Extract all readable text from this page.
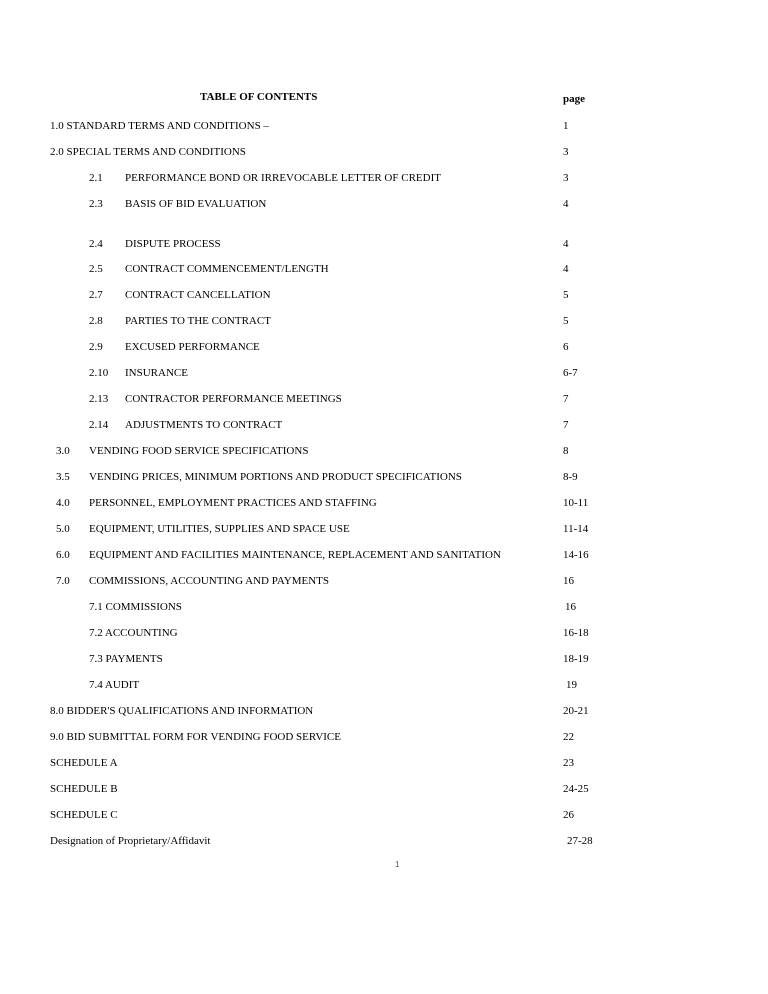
TABLE OF CONTENTS	page
1.0 STANDARD TERMS AND CONDITIONS –	1
2.0 SPECIAL TERMS AND CONDITIONS	3
2.1 PERFORMANCE BOND OR IRREVOCABLE LETTER OF CREDIT	3
2.3 BASIS OF BID EVALUATION	4
2.4 DISPUTE PROCESS	4
2.5 CONTRACT COMMENCEMENT/LENGTH	4
2.7 CONTRACT CANCELLATION	5
2.8 PARTIES TO THE CONTRACT	5
2.9 EXCUSED PERFORMANCE	6
2.10 INSURANCE	6-7
2.13 CONTRACTOR PERFORMANCE MEETINGS	7
2.14 ADJUSTMENTS TO CONTRACT	7
3.0 VENDING FOOD SERVICE SPECIFICATIONS	8
3.5 VENDING PRICES, MINIMUM PORTIONS AND PRODUCT SPECIFICATIONS	8-9
4.0 PERSONNEL, EMPLOYMENT PRACTICES AND STAFFING	10-11
5.0 EQUIPMENT, UTILITIES, SUPPLIES AND SPACE USE	11-14
6.0 EQUIPMENT AND FACILITIES MAINTENANCE, REPLACEMENT AND SANITATION	14-16
7.0 COMMISSIONS, ACCOUNTING AND PAYMENTS	16
7.1 COMMISSIONS	16
7.2 ACCOUNTING	16-18
7.3 PAYMENTS	18-19
7.4 AUDIT	19
8.0 BIDDER'S QUALIFICATIONS AND INFORMATION	20-21
9.0 BID SUBMITTAL FORM FOR VENDING FOOD SERVICE	22
SCHEDULE A	23
SCHEDULE B	24-25
SCHEDULE C	26
Designation of Proprietary/Affidavit	27-28
1
